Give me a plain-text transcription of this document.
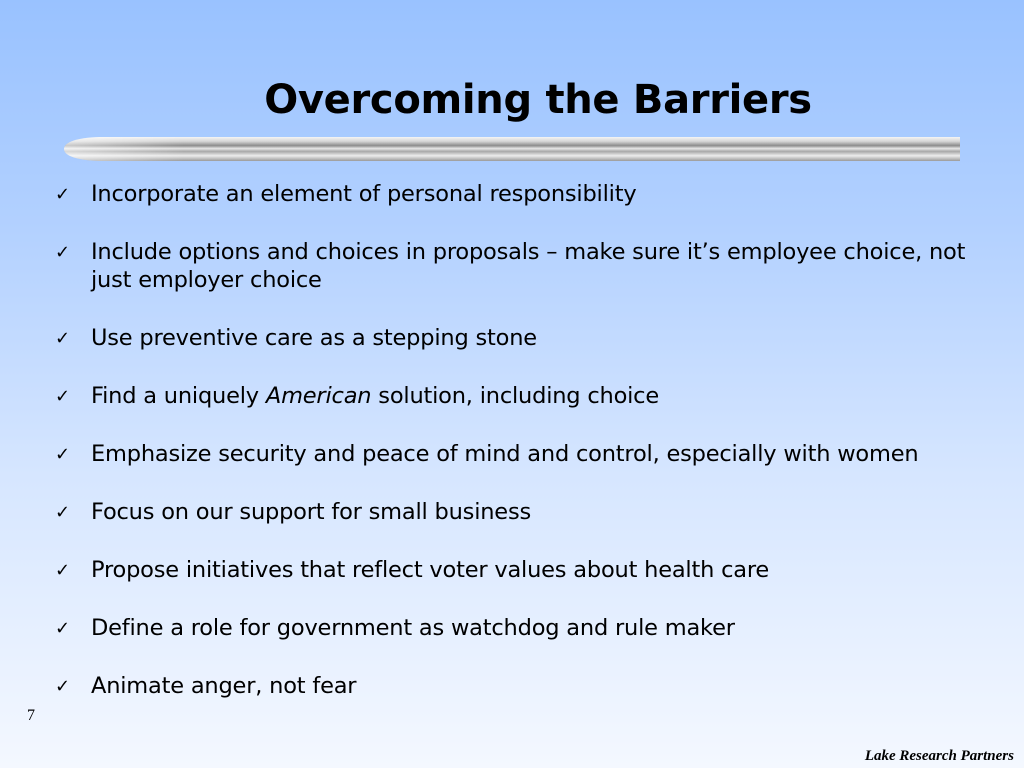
Overcoming the Barriers
✓ Incorporate an element of personal responsibility
✓ Include options and choices in proposals – make sure it’s employee choice, not just employer choice
✓ Use preventive care as a stepping stone
✓ Find a uniquely American solution, including choice
✓ Emphasize security and peace of mind and control, especially with women
✓ Focus on our support for small business
✓ Propose initiatives that reflect voter values about health care
✓ Define a role for government as watchdog and rule maker
✓ Animate anger, not fear
7
Lake Research Partners
